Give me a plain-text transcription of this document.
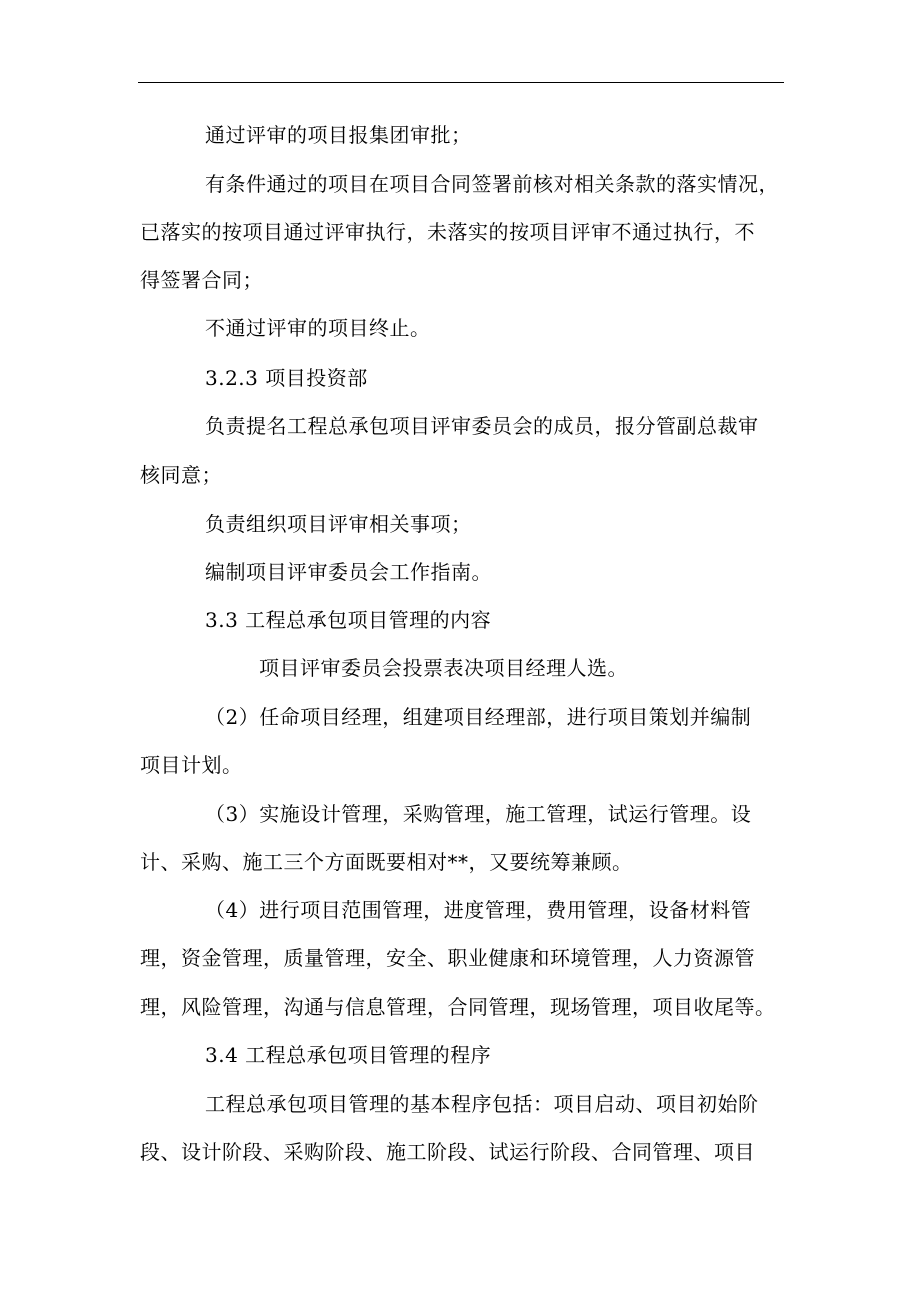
通过评审的项目报集团审批；
有条件通过的项目在项目合同签署前核对相关条款的落实情况，
已落实的按项目通过评审执行，未落实的按项目评审不通过执行，不
得签署合同；
不通过评审的项目终止。
3.2.3 项目投资部
负责提名工程总承包项目评审委员会的成员，报分管副总裁审
核同意；
负责组织项目评审相关事项；
编制项目评审委员会工作指南。
3.3 工程总承包项目管理的内容
项目评审委员会投票表决项目经理人选。
（2）任命项目经理，组建项目经理部，进行项目策划并编制
项目计划。
（3）实施设计管理，采购管理，施工管理，试运行管理。设
计、采购、施工三个方面既要相对**，又要统筹兼顾。
（4）进行项目范围管理，进度管理，费用管理，设备材料管
理，资金管理，质量管理，安全、职业健康和环境管理，人力资源管
理，风险管理，沟通与信息管理，合同管理，现场管理，项目收尾等。
3.4 工程总承包项目管理的程序
工程总承包项目管理的基本程序包括：项目启动、项目初始阶
段、设计阶段、采购阶段、施工阶段、试运行阶段、合同管理、项目
